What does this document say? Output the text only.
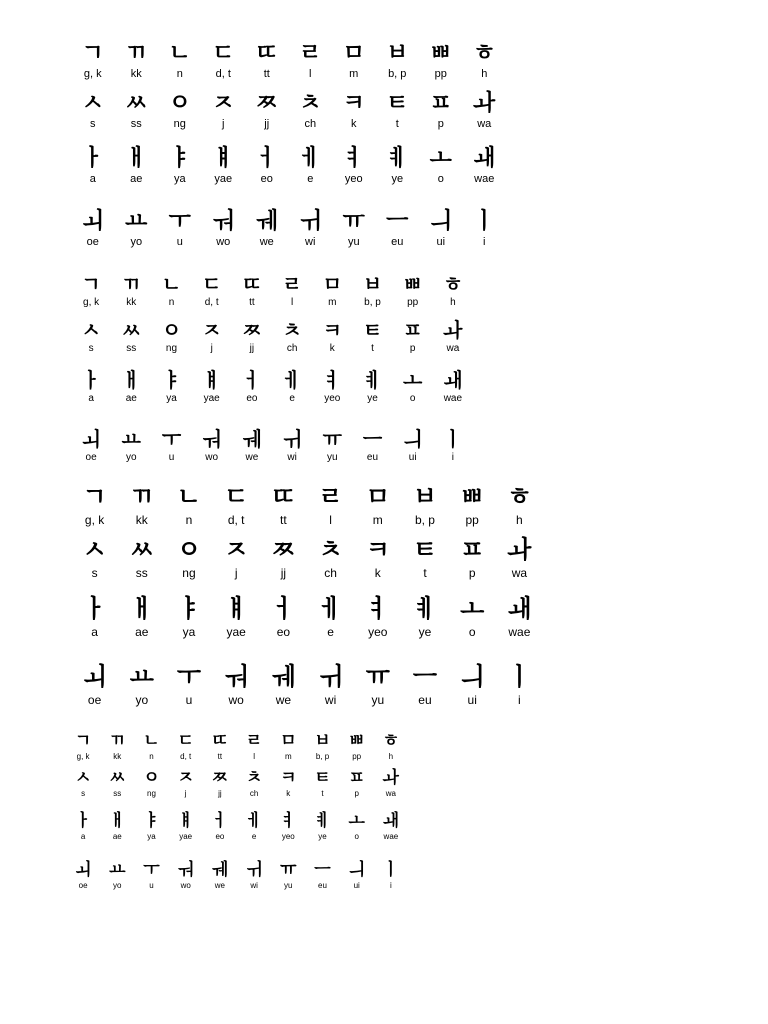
ㄱ
g, k
ㄲ
kk
ㄴ
n
ㄷ
d, t
ㄸ
tt
ㄹ
l
ㅁ
m
ㅂ
b, p
ㅃ
pp
ㅎ
h
ㅅ
s
ㅆ
ss
ㅇ
ng
ㅈ
j
ㅉ
jj
ㅊ
ch
ㅋ
k
ㅌ
t
ㅍ
p
ㅘ
wa
ㅏ
a
ㅐ
ae
ㅑ
ya
ㅒ
yae
ㅓ
eo
ㅔ
e
ㅕ
yeo
ㅖ
ye
ㅗ
o
ㅙ
wae
ㅚ
oe
ㅛ
yo
ㅜ
u
ㅝ
wo
ㅞ
we
ㅟ
wi
ㅠ
yu
ㅡ
eu
ㅢ
ui
ㅣ
i
ㄱ
g, k
ㄲ
kk
ㄴ
n
ㄷ
d, t
ㄸ
tt
ㄹ
l
ㅁ
m
ㅂ
b, p
ㅃ
pp
ㅎ
h
ㅅ
s
ㅆ
ss
ㅇ
ng
ㅈ
j
ㅉ
jj
ㅊ
ch
ㅋ
k
ㅌ
t
ㅍ
p
ㅘ
wa
ㅏ
a
ㅐ
ae
ㅑ
ya
ㅒ
yae
ㅓ
eo
ㅔ
e
ㅕ
yeo
ㅖ
ye
ㅗ
o
ㅙ
wae
ㅚ
oe
ㅛ
yo
ㅜ
u
ㅝ
wo
ㅞ
we
ㅟ
wi
ㅠ
yu
ㅡ
eu
ㅢ
ui
ㅣ
i
ㄱ
g, k
ㄲ
kk
ㄴ
n
ㄷ
d, t
ㄸ
tt
ㄹ
l
ㅁ
m
ㅂ
b, p
ㅃ
pp
ㅎ
h
ㅅ
s
ㅆ
ss
ㅇ
ng
ㅈ
j
ㅉ
jj
ㅊ
ch
ㅋ
k
ㅌ
t
ㅍ
p
ㅘ
wa
ㅏ
a
ㅐ
ae
ㅑ
ya
ㅒ
yae
ㅓ
eo
ㅔ
e
ㅕ
yeo
ㅖ
ye
ㅗ
o
ㅙ
wae
ㅚ
oe
ㅛ
yo
ㅜ
u
ㅝ
wo
ㅞ
we
ㅟ
wi
ㅠ
yu
ㅡ
eu
ㅢ
ui
ㅣ
i
ㄱ
g, k
ㄲ
kk
ㄴ
n
ㄷ
d, t
ㄸ
tt
ㄹ
l
ㅁ
m
ㅂ
b, p
ㅃ
pp
ㅎ
h
ㅅ
s
ㅆ
ss
ㅇ
ng
ㅈ
j
ㅉ
jj
ㅊ
ch
ㅋ
k
ㅌ
t
ㅍ
p
ㅘ
wa
ㅏ
a
ㅐ
ae
ㅑ
ya
ㅒ
yae
ㅓ
eo
ㅔ
e
ㅕ
yeo
ㅖ
ye
ㅗ
o
ㅙ
wae
ㅚ
oe
ㅛ
yo
ㅜ
u
ㅝ
wo
ㅞ
we
ㅟ
wi
ㅠ
yu
ㅡ
eu
ㅢ
ui
ㅣ
i
